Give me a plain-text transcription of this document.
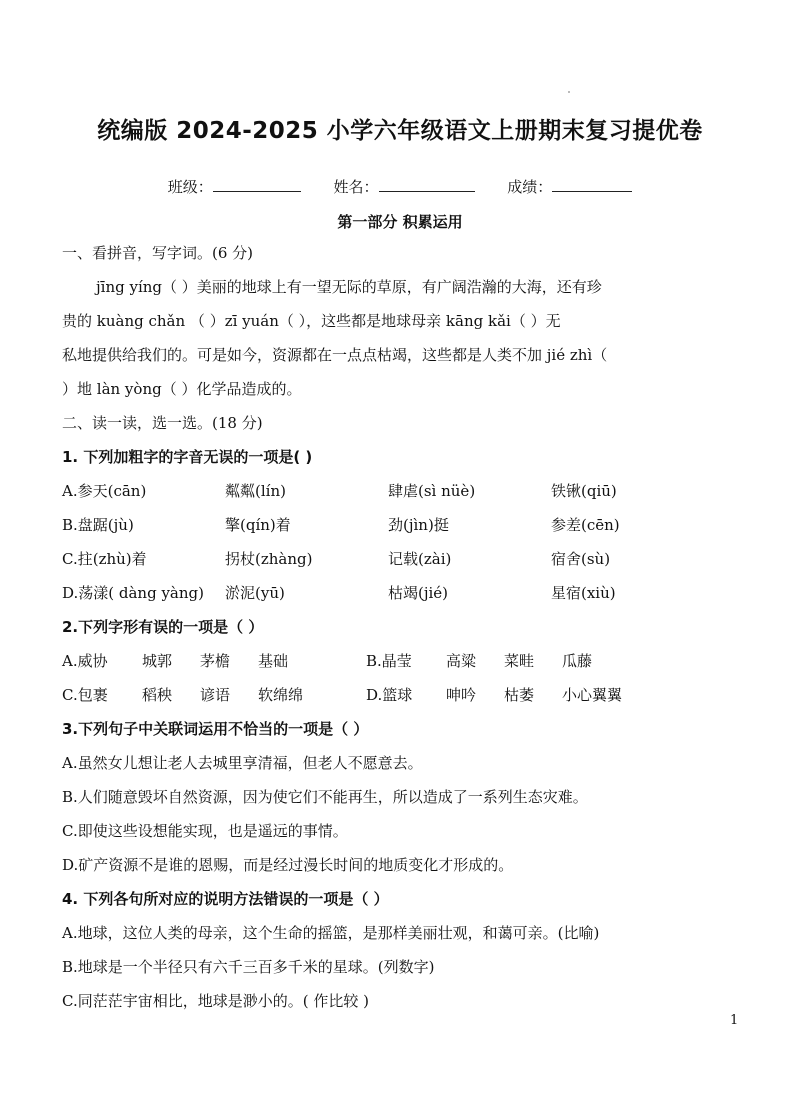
统编版 2024-2025 小学六年级语文上册期末复习提优卷
班级：	姓名：	成绩：
第一部分 积累运用
一、看拼音，写字词。(6 分)
jīng yíng（ ）美丽的地球上有一望无际的草原，有广阔浩瀚的大海，还有珍
贵的 kuàng chǎn （ ）zī yuán（ ），这些都是地球母亲 kāng kǎi（ ）无
私地提供给我们的。可是如今，资源都在一点点枯竭，这些都是人类不加 jié zhì（
）地 làn yòng（ ）化学品造成的。
二、读一读，选一选。(18 分)
1. 下列加粗字的字音无误的一项是( )
A.参天(cān)	粼粼(lín)	肆虐(sì nüè)	铁锹(qiū)
B.盘踞(jù)	擎(qín)着	劲(jìn)挺	参差(cēn)
C.拄(zhù)着	拐杖(zhàng)	记载(zài)	宿舍(sù)
D.荡漾( dàng yàng)	淤泥(yū)	枯竭(jié)	星宿(xiù)
2.下列字形有误的一项是（ ）
A.威协	城郭	茅檐	基础	B.晶莹	高粱	菜畦	瓜藤
C.包裹	稻秧	谚语	软绵绵	D.篮球	呻吟	枯萎	小心翼翼
3.下列句子中关联词运用不恰当的一项是（ ）
A.虽然女儿想让老人去城里享清福，但老人不愿意去。
B.人们随意毁坏自然资源，因为使它们不能再生，所以造成了一系列生态灾难。
C.即使这些设想能实现，也是遥远的事情。
D.矿产资源不是谁的恩赐，而是经过漫长时间的地质变化才形成的。
4. 下列各句所对应的说明方法错误的一项是（ ）
A.地球，这位人类的母亲，这个生命的摇篮，是那样美丽壮观，和蔼可亲。(比喻)
B.地球是一个半径只有六千三百多千米的星球。(列数字)
C.同茫茫宇宙相比，地球是渺小的。( 作比较 )
1
